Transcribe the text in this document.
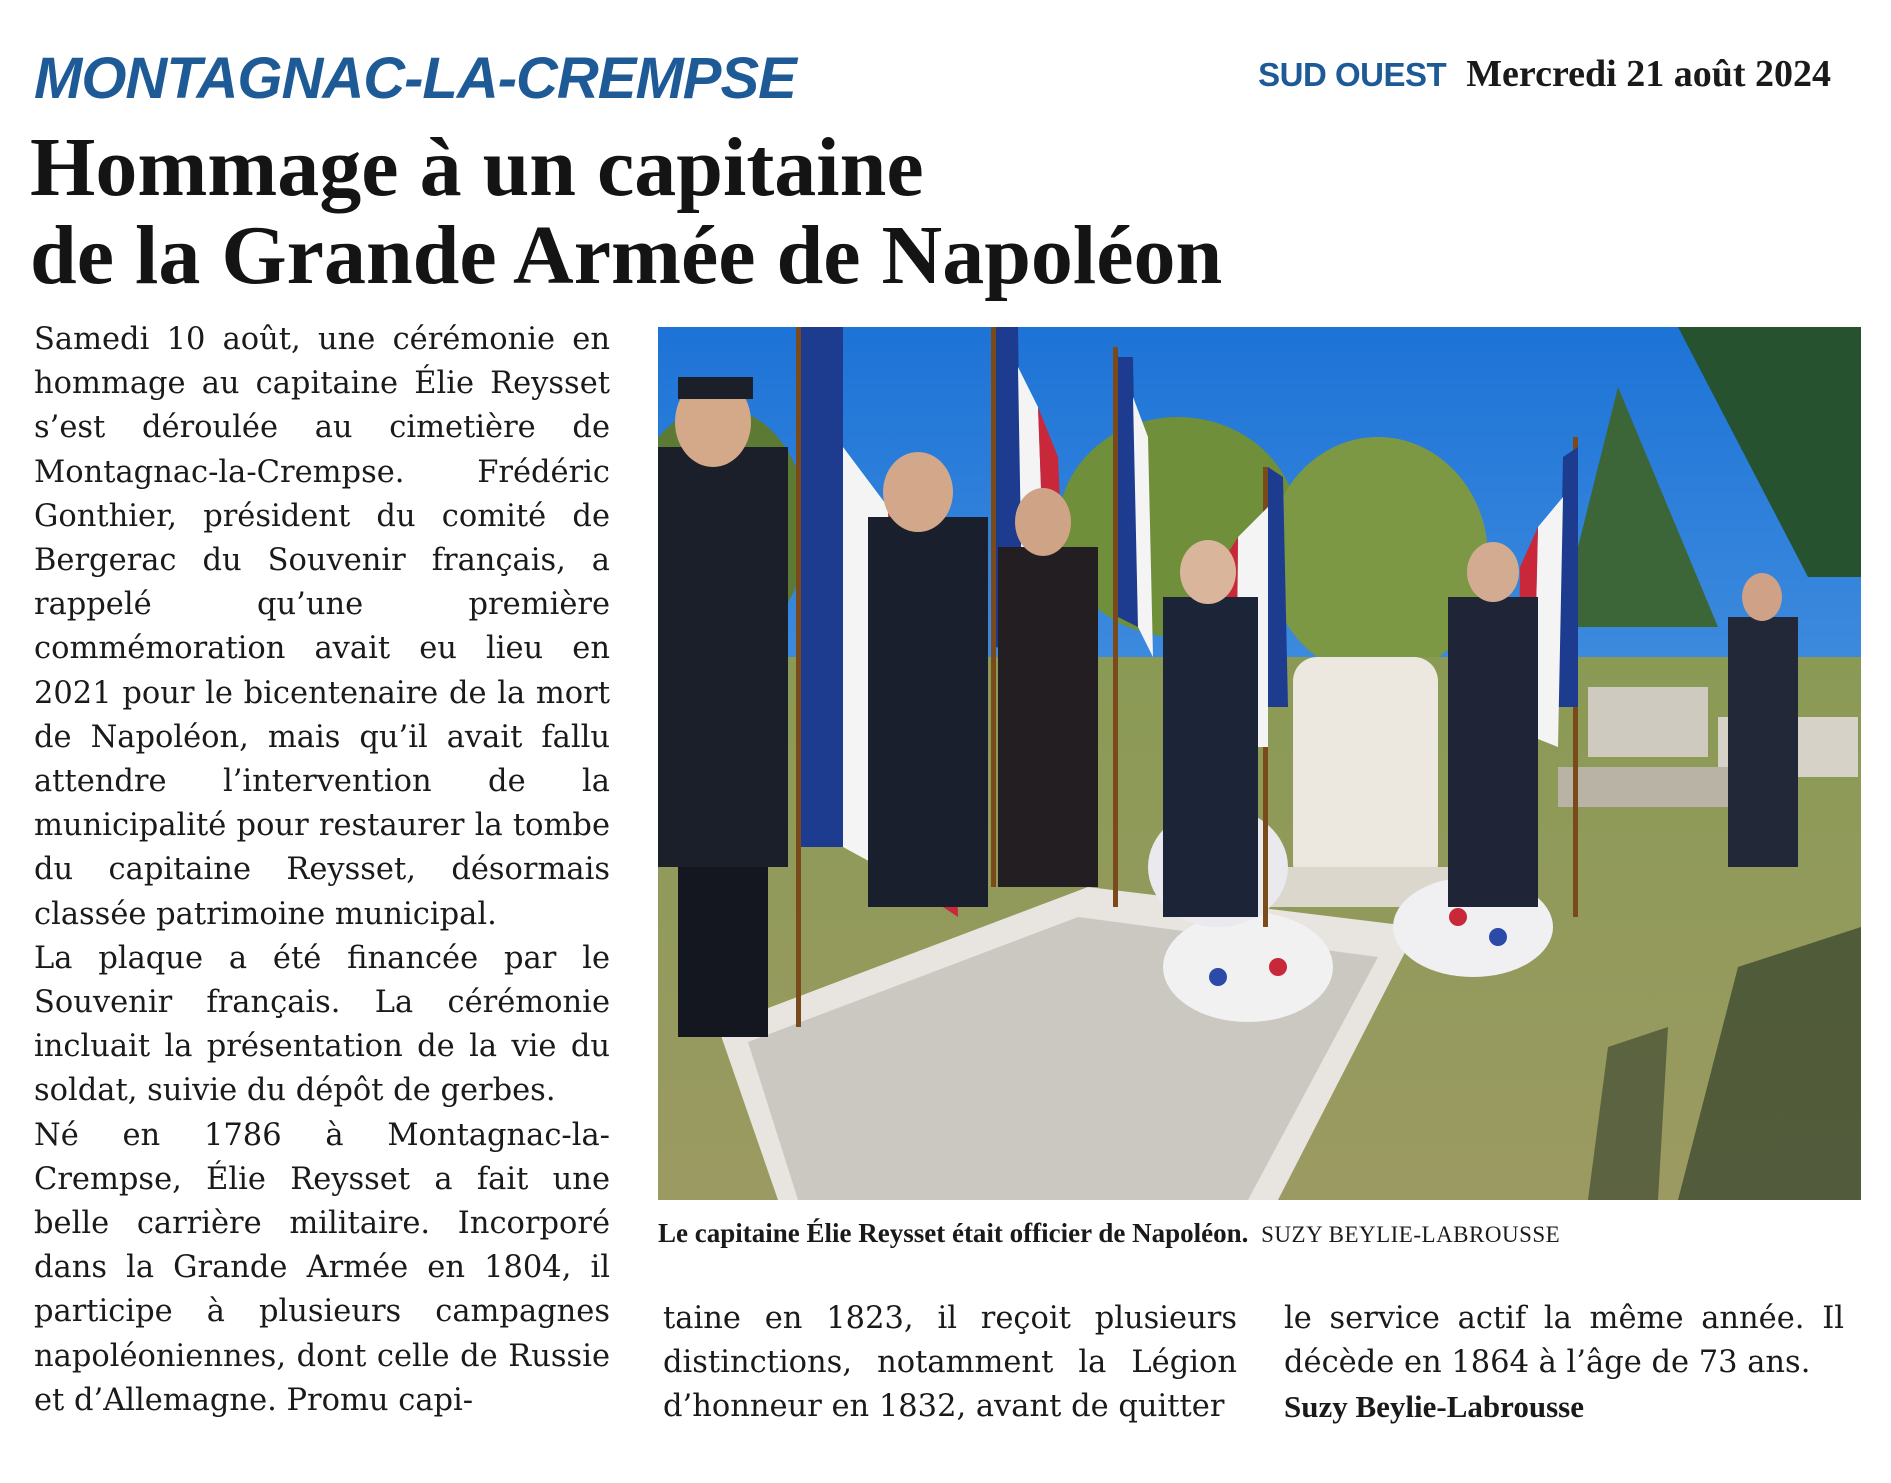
MONTAGNAC-LA-CREMPSE	SUD OUEST Mercredi 21 août 2024
Hommage à un capitaine
de la Grande Armée de Napoléon

Samedi 10 août, une cérémonie en hommage au capitaine Élie Reysset s’est déroulée au cimetière de Montagnac-la-Crempse. Frédéric Gonthier, président du comité de Bergerac du Souvenir français, a rappelé qu’une première commémoration avait eu lieu en 2021 pour le bicentenaire de la mort de Napoléon, mais qu’il avait fallu attendre l’intervention de la municipalité pour restaurer la tombe du capitaine Reysset, désormais classée patrimoine municipal.

La plaque a été financée par le Souvenir français. La cérémonie incluait la présentation de la vie du soldat, suivie du dépôt de gerbes.

Né en 1786 à Montagnac-la-Crempse, Élie Reysset a fait une belle carrière militaire. Incorporé dans la Grande Armée en 1804, il participe à plusieurs campagnes napoléoniennes, dont celle de Russie et d’Allemagne. Promu capi-

Le capitaine Élie Reysset était officier de Napoléon. SUZY BEYLIE-LABROUSSE

taine en 1823, il reçoit plusieurs distinctions, notamment la Légion d’honneur en 1832, avant de quitter

le service actif la même année. Il décède en 1864 à l’âge de 73 ans.

Suzy Beylie-Labrousse
